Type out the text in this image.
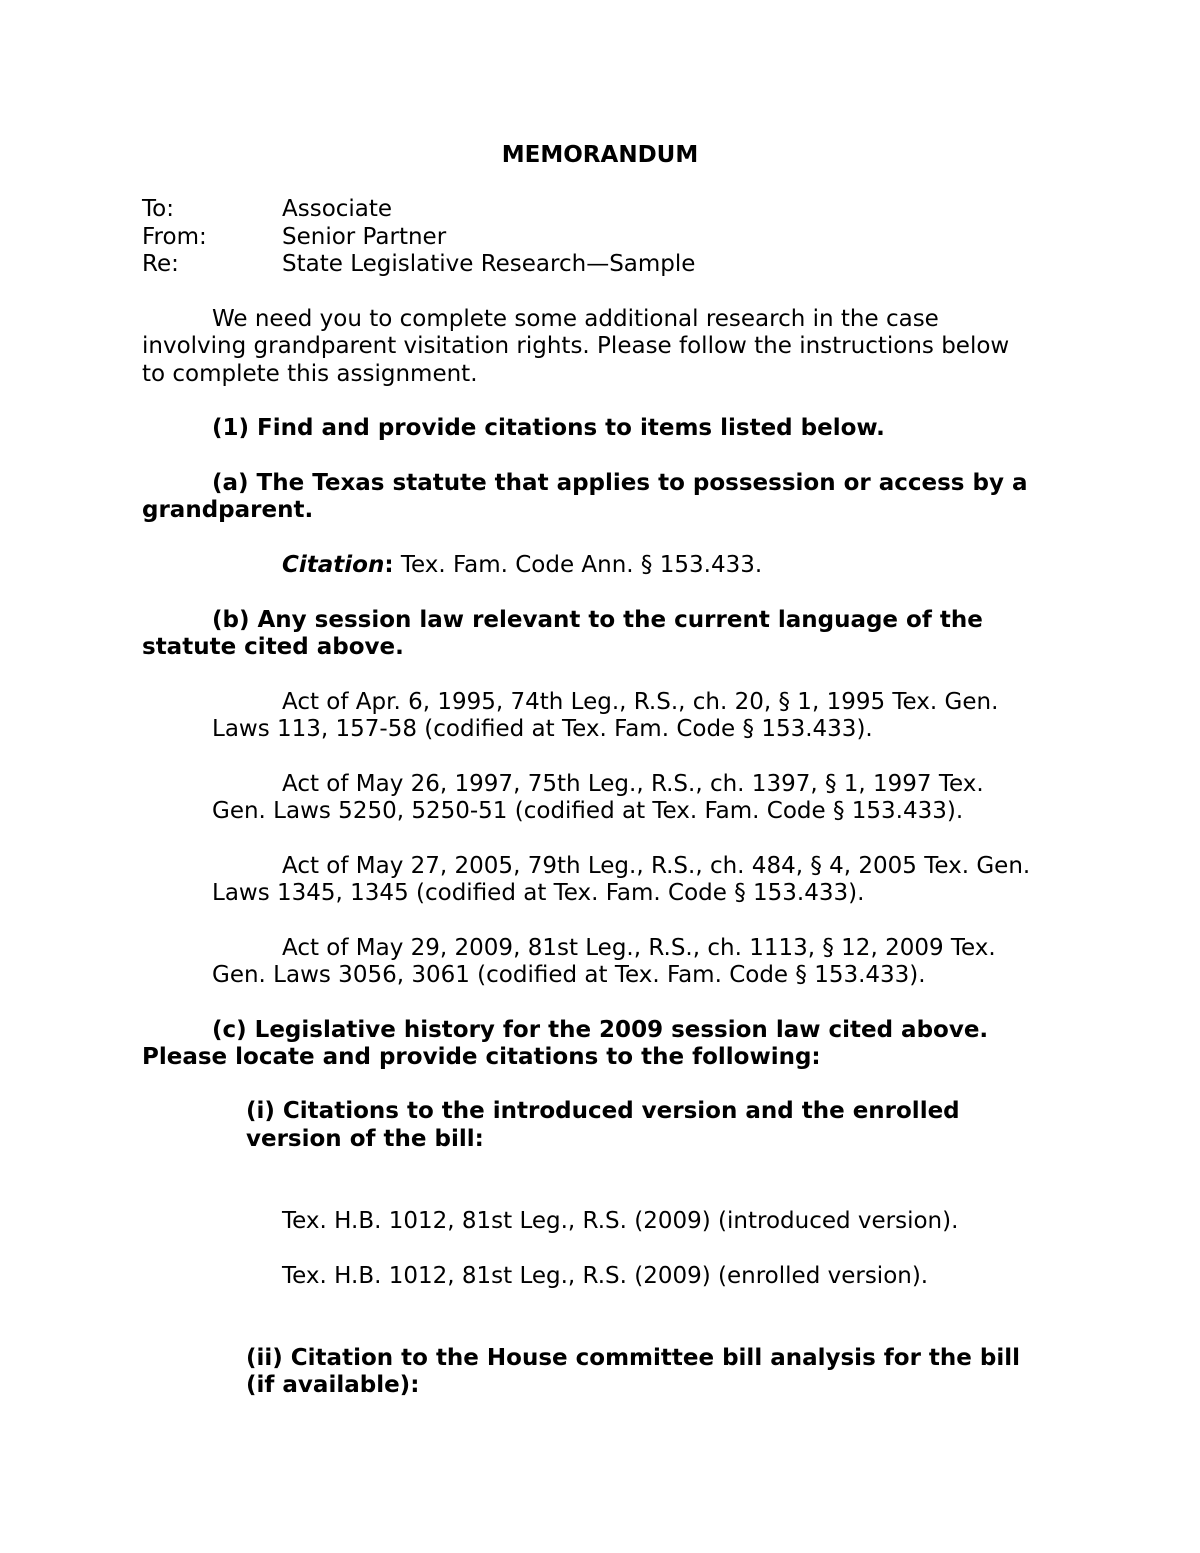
MEMORANDUM
To:	Associate
From:	Senior Partner
Re:	State Legislative Research—Sample
We need you to complete some additional research in the case
involving grandparent visitation rights. Please follow the instructions below
to complete this assignment.
(1) Find and provide citations to items listed below.
(a) The Texas statute that applies to possession or access by a
grandparent.
Citation: Tex. Fam. Code Ann. § 153.433.
(b) Any session law relevant to the current language of the
statute cited above.
Act of Apr. 6, 1995, 74th Leg., R.S., ch. 20, § 1, 1995 Tex. Gen.
Laws 113, 157-58 (codified at Tex. Fam. Code § 153.433).
Act of May 26, 1997, 75th Leg., R.S., ch. 1397, § 1, 1997 Tex.
Gen. Laws 5250, 5250-51 (codified at Tex. Fam. Code § 153.433).
Act of May 27, 2005, 79th Leg., R.S., ch. 484, § 4, 2005 Tex. Gen.
Laws 1345, 1345 (codified at Tex. Fam. Code § 153.433).
Act of May 29, 2009, 81st Leg., R.S., ch. 1113, § 12, 2009 Tex.
Gen. Laws 3056, 3061 (codified at Tex. Fam. Code § 153.433).
(c) Legislative history for the 2009 session law cited above.
Please locate and provide citations to the following:
(i) Citations to the introduced version and the enrolled
version of the bill:
Tex. H.B. 1012, 81st Leg., R.S. (2009) (introduced version).
Tex. H.B. 1012, 81st Leg., R.S. (2009) (enrolled version).
(ii) Citation to the House committee bill analysis for the bill
(if available):
